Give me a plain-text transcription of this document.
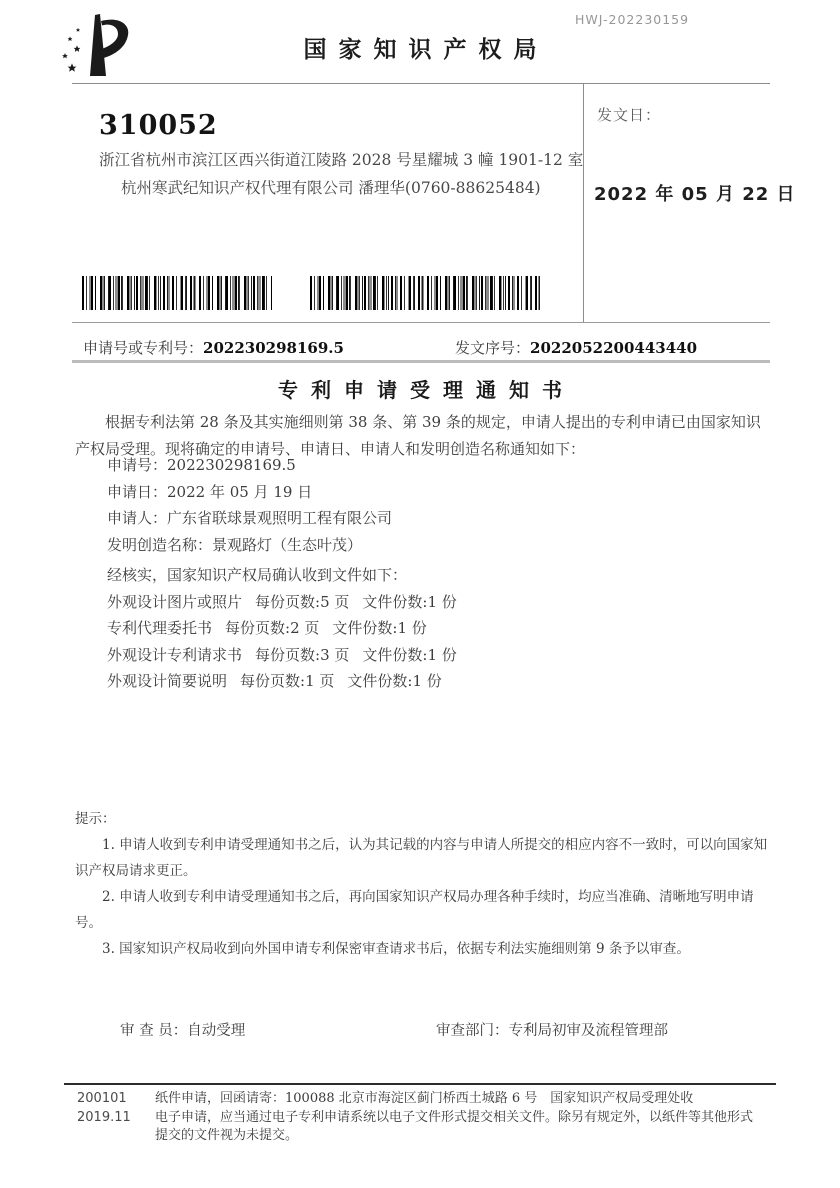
HWJ-202230159
国家知识产权局
310052
浙江省杭州市滨江区西兴街道江陵路 2028 号星耀城 3 幢 1901-12 室
杭州寒武纪知识产权代理有限公司 潘理华(0760-88625484)
发文日：
2022 年 05 月 22 日
申请号或专利号：202230298169.5	发文序号：2022052200443440
专利申请受理通知书

根据专利法第 28 条及其实施细则第 38 条、第 39 条的规定，申请人提出的专利申请已由国家知识产权局受理。现将确定的申请号、申请日、申请人和发明创造名称通知如下：

申请号：202230298169.5
申请日：2022 年 05 月 19 日
申请人：广东省联球景观照明工程有限公司
发明创造名称：景观路灯（生态叶茂）
经核实，国家知识产权局确认收到文件如下：
外观设计图片或照片 每份页数:5 页 文件份数:1 份
专利代理委托书 每份页数:2 页 文件份数:1 份
外观设计专利请求书 每份页数:3 页 文件份数:1 份
外观设计简要说明 每份页数:1 页 文件份数:1 份

提示：

1. 申请人收到专利申请受理通知书之后，认为其记载的内容与申请人所提交的相应内容不一致时，可以向国家知识产权局请求更正。

2. 申请人收到专利申请受理通知书之后，再向国家知识产权局办理各种手续时，均应当准确、清晰地写明申请号。

3. 国家知识产权局收到向外国申请专利保密审查请求书后，依据专利法实施细则第 9 条予以审查。

审 查 员：自动受理	审查部门：专利局初审及流程管理部
200101	纸件申请，回函请寄：100088 北京市海淀区蓟门桥西土城路 6 号　国家知识产权局受理处收
2019.11	电子申请，应当通过电子专利申请系统以电子文件形式提交相关文件。除另有规定外，以纸件等其他形式提交的文件视为未提交。
